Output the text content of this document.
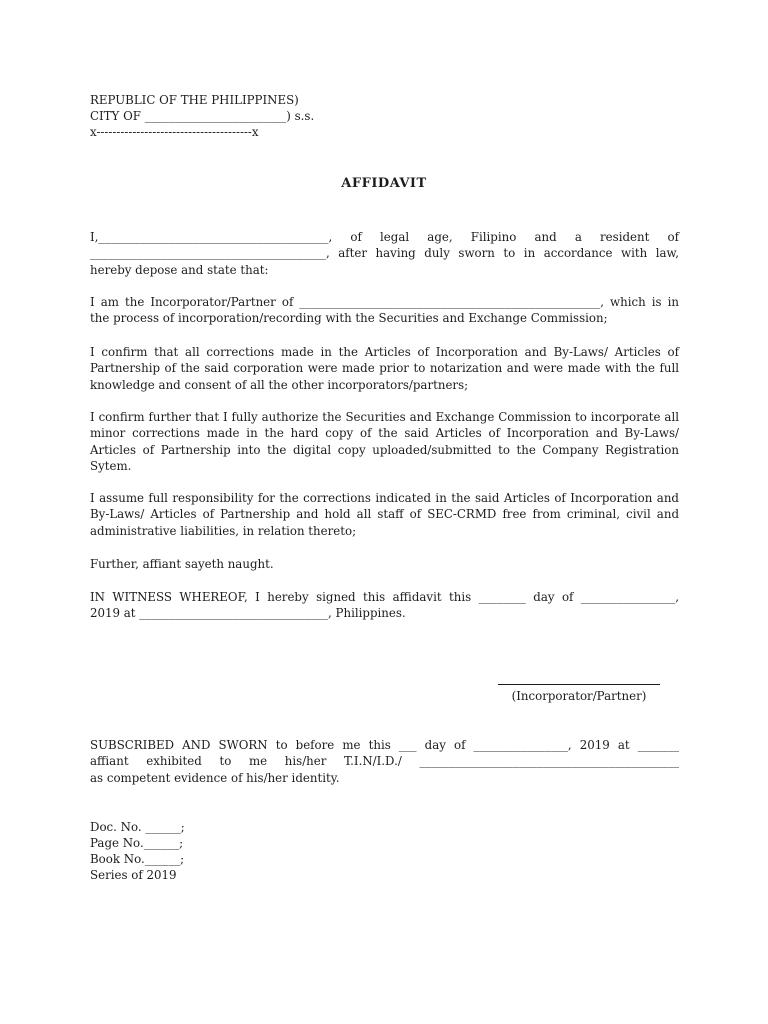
REPUBLIC OF THE PHILIPPINES)
CITY OF ________________________) s.s.
x---------------------------------------x
AFFIDAVIT

I,_______________________________________, of legal age, Filipino and a resident of

________________________________________, after having duly sworn to in accordance with law,

hereby depose and state that:

I am the Incorporator/Partner of ___________________________________________________, which is in the process of incorporation/recording with the Securities and Exchange Commission;

I confirm that all corrections made in the Articles of Incorporation and By-Laws/ Articles of Partnership of the said corporation were made prior to notarization and were made with the full knowledge and consent of all the other incorporators/partners;

I confirm further that I fully authorize the Securities and Exchange Commission to incorporate all minor corrections made in the hard copy of the said Articles of Incorporation and By-Laws/ Articles of Partnership into the digital copy uploaded/submitted to the Company Registration Sytem.

I assume full responsibility for the corrections indicated in the said Articles of Incorporation and By-Laws/ Articles of Partnership and hold all staff of SEC-CRMD free from criminal, civil and administrative liabilities, in relation thereto;

Further, affiant sayeth naught.

IN WITNESS WHEREOF, I hereby signed this affidavit this ________ day of ________________,

2019 at ________________________________, Philippines.

(Incorporator/Partner)

SUBSCRIBED AND SWORN to before me this ___ day of ________________, 2019 at _______

affiant exhibited to me his/her T.I.N/I.D./ ____________________________________________

as competent evidence of his/her identity.

Doc. No. ______;
Page No.______;
Book No.______;
Series of 2019
